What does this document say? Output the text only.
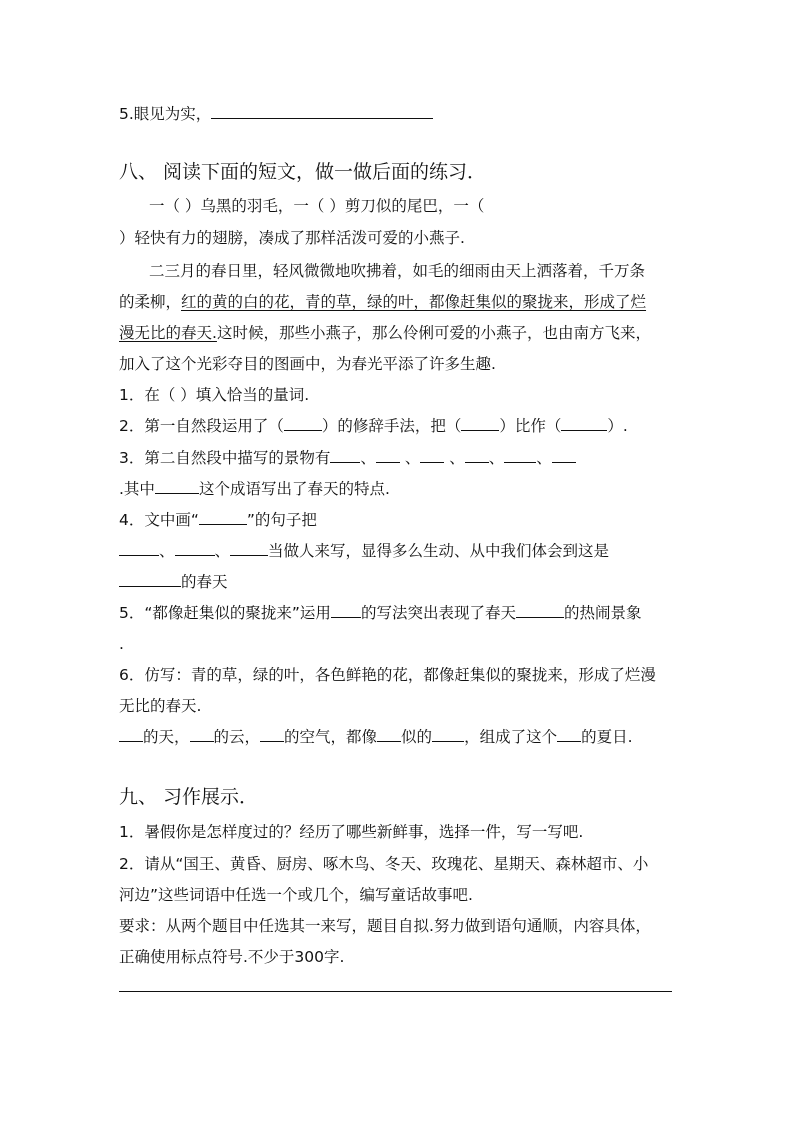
5.眼见为实，
八、 阅读下面的短文，做一做后面的练习．
一（ ）乌黑的羽毛，一（ ）剪刀似的尾巴，一（
）轻快有力的翅膀，凑成了那样活泼可爱的小燕子.
二三月的春日里，轻风微微地吹拂着，如毛的细雨由天上洒落着，千万条
的柔柳，红的黄的白的花，青的草，绿的叶，都像赶集似的聚拢来，形成了烂
漫无比的春天.这时候，那些小燕子，那么伶俐可爱的小燕子，也由南方飞来，
加入了这个光彩夺目的图画中，为春光平添了许多生趣.
1．在（ ）填入恰当的量词.
2．第一自然段运用了（ ）的修辞手法，把（ ）比作（	）.
3．第二自然段中描写的景物有 、 、 、 、 、
.其中	这个成语写出了春天的特点.
4．文中画“	”的句子把
、	、 当做人来写，显得多么生动、从中我们体会到这是
的春天
5．“都像赶集似的聚拢来”运用 的写法突出表现了春天	的热闹景象
.
6．仿写：青的草，绿的叶，各色鲜艳的花，都像赶集似的聚拢来，形成了烂漫
无比的春天.
的天， 的云， 的空气，都像 似的 ，组成了这个 的夏日.
九、 习作展示．
1．暑假你是怎样度过的？经历了哪些新鲜事，选择一件，写一写吧.
2．请从“国王、黄昏、厨房、啄木鸟、冬天、玫瑰花、星期天、森林超市、小
河边”这些词语中任选一个或几个，编写童话故事吧.
要求：从两个题目中任选其一来写，题目自拟.努力做到语句通顺，内容具体，
正确使用标点符号.不少于300字.
